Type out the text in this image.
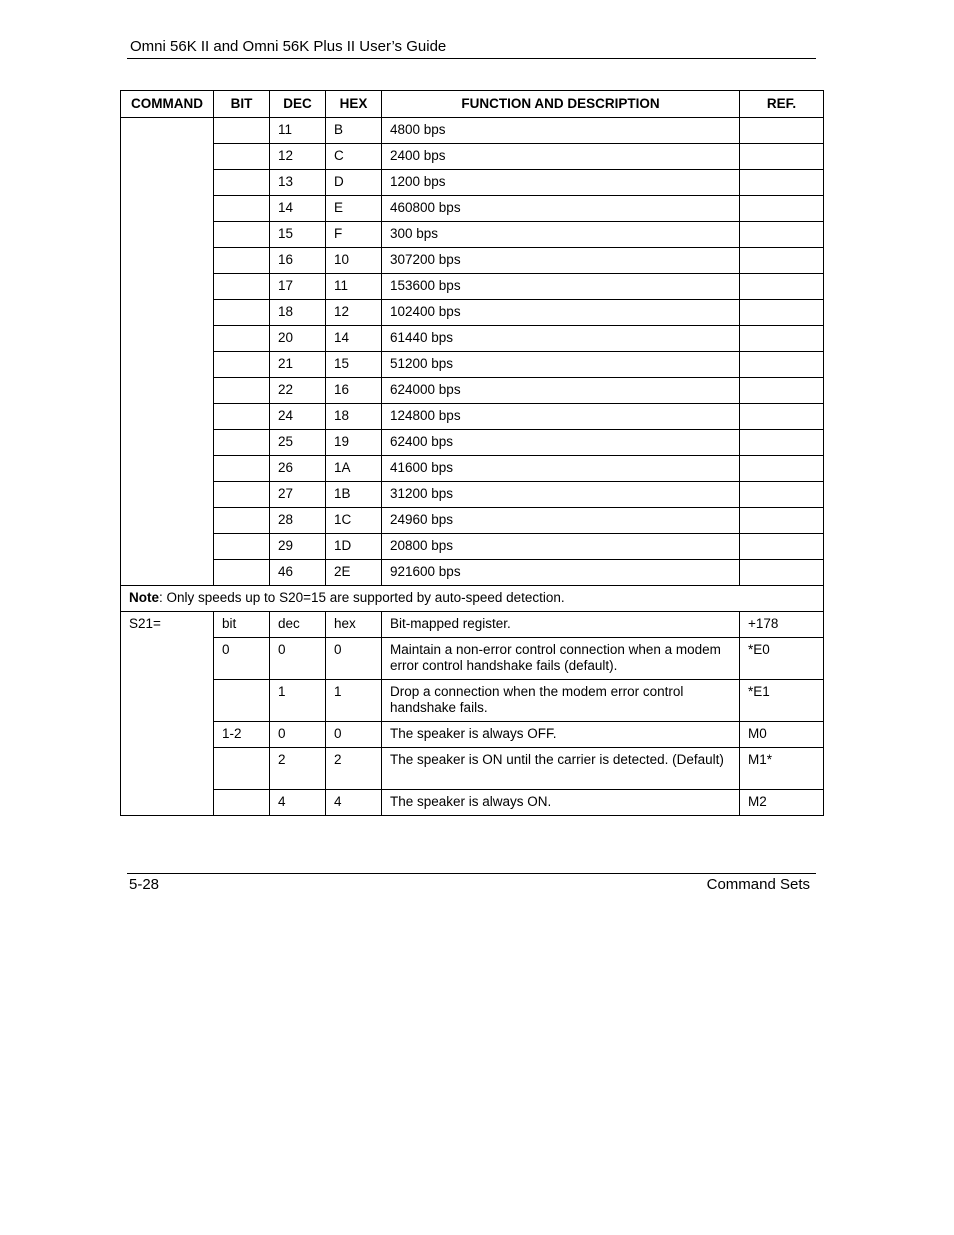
Omni 56K II and Omni 56K Plus II User’s Guide
COMMAND	BIT	DEC	HEX	FUNCTION AND DESCRIPTION	REF.
		11	B	4800 bps	
		12	C	2400 bps	
		13	D	1200 bps	
		14	E	460800 bps	
		15	F	300 bps	
		16	10	307200 bps	
		17	11	153600 bps	
		18	12	102400 bps	
		20	14	61440 bps	
		21	15	51200 bps	
		22	16	624000 bps	
		24	18	124800 bps	
		25	19	62400 bps	
		26	1A	41600 bps	
		27	1B	31200 bps	
		28	1C	24960 bps	
		29	1D	20800 bps	
		46	2E	921600 bps	
Note: Only speeds up to S20=15 are supported by auto-speed detection.					
S21=	bit	dec	hex	Bit-mapped register.	+178
	0	0	0	Maintain a non-error control connection when a modem error control handshake fails (default).	*E0
		1	1	Drop a connection when the modem error control handshake fails.	*E1
	1-2	0	0	The speaker is always OFF.	M0
		2	2	The speaker is ON until the carrier is detected. (Default)	M1*
		4	4	The speaker is always ON.	M2
5-28	Command Sets
